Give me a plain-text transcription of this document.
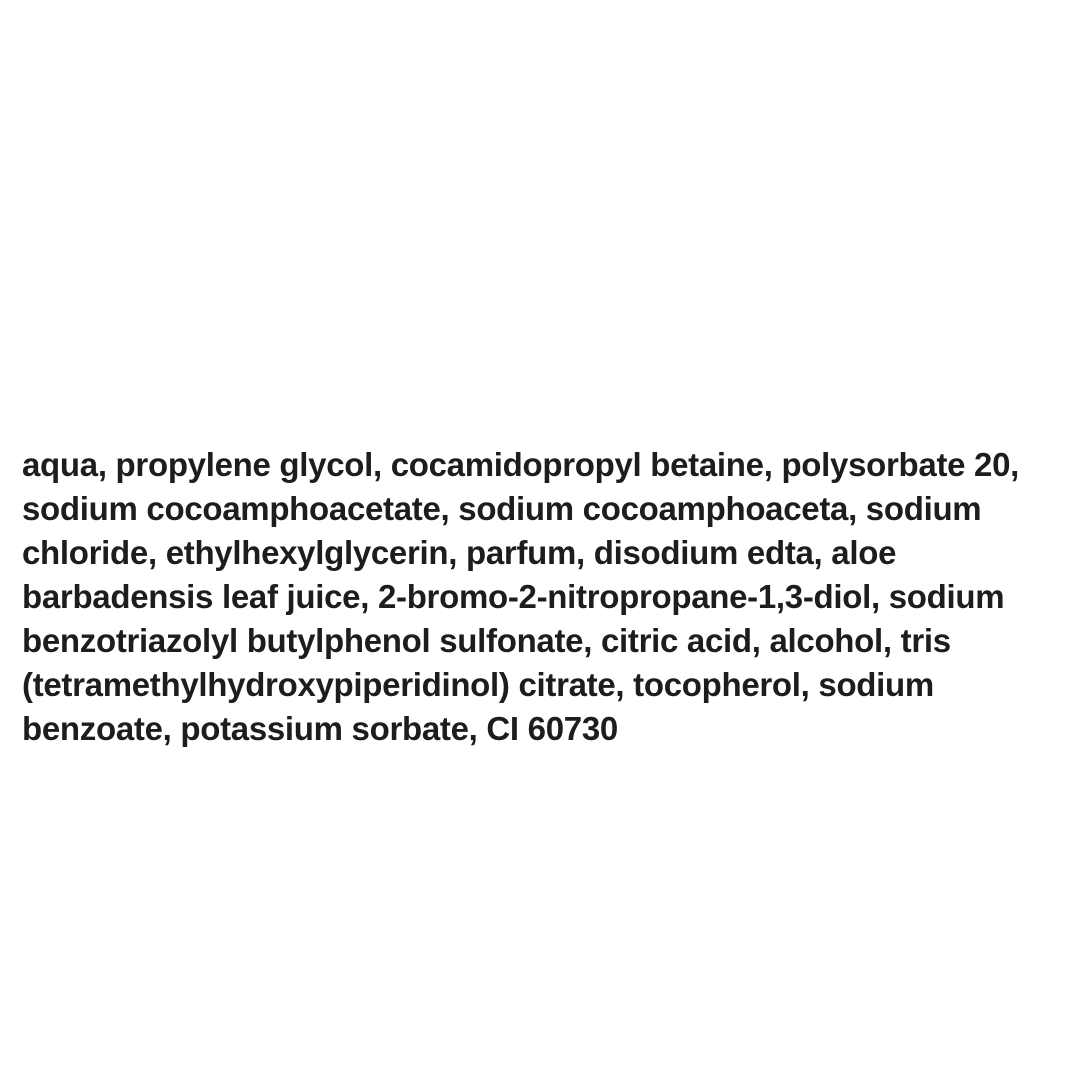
aqua, propylene glycol, cocamidopropyl betaine, polysorbate 20,
sodium cocoamphoacetate, sodium cocoamphoaceta, sodium
chloride, ethylhexylglycerin, parfum, disodium edta, aloe
barbadensis leaf juice, 2-bromo-2-nitropropane-1,3-diol, sodium
benzotriazolyl butylphenol sulfonate, citric acid, alcohol, tris
(tetramethylhydroxypiperidinol) citrate, tocopherol, sodium
benzoate, potassium sorbate, CI 60730
